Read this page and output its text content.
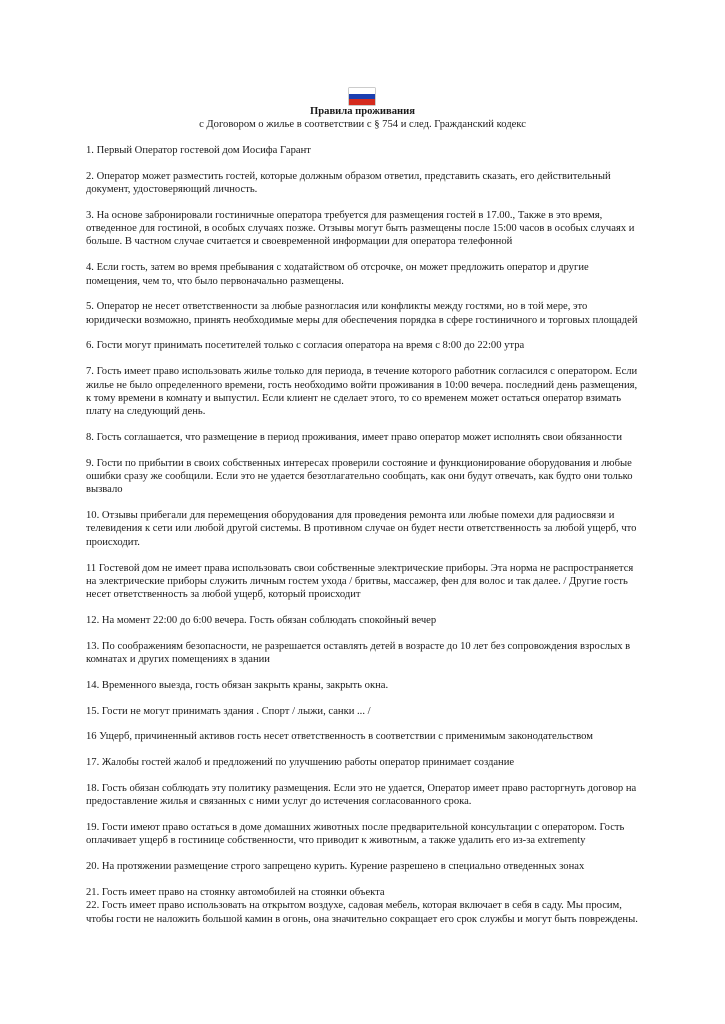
Правила проживания
с Договором о жилье в соответствии с § 754 и след. Гражданский кодекс

1. Первый Оператор гостевой дом Иосифа Гарант

2. Оператор может разместить гостей, которые должным образом ответил, представить сказать, его действительный документ, удостоверяющий личность.

3. На основе забронировали гостиничные оператора требуется для размещения гостей в 17.00., Также в это время, отведенное для гостиной, в особых случаях позже. Отзывы могут быть размещены после 15:00 часов в особых случаях и больше. В частном случае считается и своевременной информации для оператора телефонной

4. Если гость, затем во время пребывания с ходатайством об отсрочке, он может предложить оператор и другие помещения, чем то, что было первоначально размещены.

5. Оператор не несет ответственности за любые разногласия или конфликты между гостями, но в той мере, это юридически возможно, принять необходимые меры для обеспечения порядка в сфере гостиничного и торговых площадей

6. Гости могут принимать посетителей только с согласия оператора на время с 8:00 до 22:00 утра

7. Гость имеет право использовать жилье только для периода, в течение которого работник согласился с оператором. Если жилье не было определенного времени, гость необходимо войти проживания в 10:00 вечера. последний день размещения, к тому времени в комнату и выпустил. Если клиент не сделает этого, то со временем может остаться оператор взимать плату на следующий день.

8. Гость соглашается, что размещение в период проживания, имеет право оператор может исполнять свои обязанности

9. Гости по прибытии в своих собственных интересах проверили состояние и функционирование оборудования и любые ошибки сразу же сообщили. Если это не удается безотлагательно сообщать, как они будут отвечать, как будто они только вызвало

10. Отзывы прибегали для перемещения оборудования для проведения ремонта или любые помехи для радиосвязи и телевидения к сети или любой другой системы. В противном случае он будет нести ответственность за любой ущерб, что происходит.

11 Гостевой дом не имеет права использовать свои собственные электрические приборы. Эта норма не распространяется на электрические приборы служить личным гостем ухода / бритвы, массажер, фен для волос и так далее. / Другие гость несет ответственность за любой ущерб, который происходит

12. На момент 22:00 до 6:00 вечера. Гость обязан соблюдать спокойный вечер

13. По соображениям безопасности, не разрешается оставлять детей в возрасте до 10 лет без сопровождения взрослых в комнатах и других помещениях в здании

14. Временного выезда, гость обязан закрыть краны, закрыть окна.

15. Гости не могут принимать здания . Спорт / лыжи, санки ... /

16 Ущерб, причиненный активов гость несет ответственность в соответствии с применимым законодательством

17. Жалобы гостей жалоб и предложений по улучшению работы оператор принимает создание

18. Гость обязан соблюдать эту политику размещения. Если это не удается, Оператор имеет право расторгнуть договор на предоставление жилья и связанных с ними услуг до истечения согласованного срока.

19. Гости имеют право остаться в доме домашних животных после предварительной консультации с оператором. Гость оплачивает ущерб в гостинице собственности, что приводит к животным, а также удалить его из-за extrementy

20. На протяжении размещение строго запрещено курить. Курение разрешено в специально отведенных зонах

21. Гость имеет право на стоянку автомобилей на стоянки объекта

22. Гость имеет право использовать на открытом воздухе, садовая мебель, которая включает в себя в саду. Мы просим, чтобы гости не наложить большой камин в огонь, она значительно сокращает его срок службы и могут быть повреждены.
